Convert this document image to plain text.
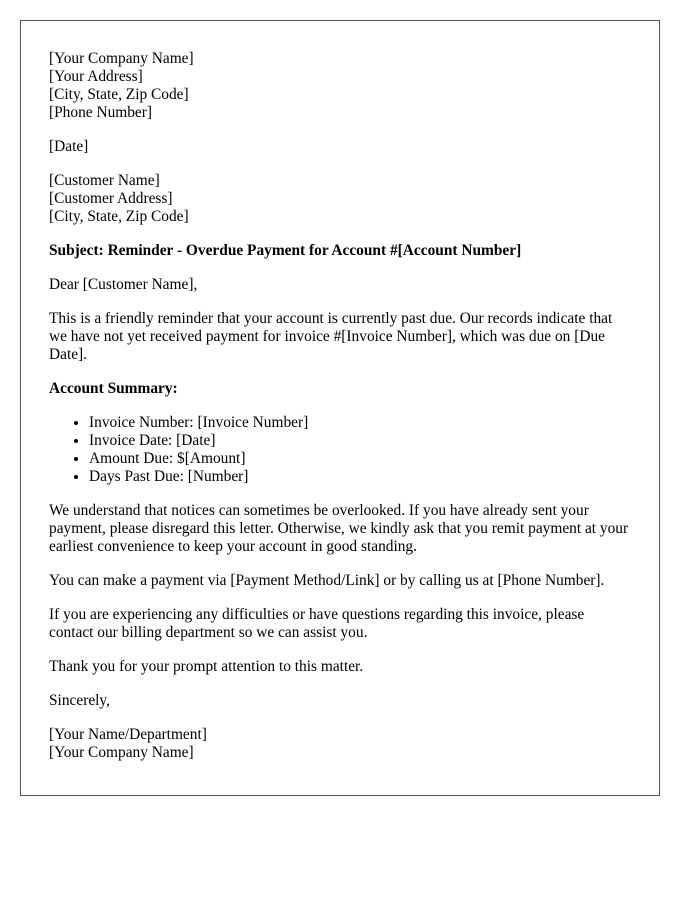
[Your Company Name]
[Your Address]
[City, State, Zip Code]
[Phone Number]
[Date]
[Customer Name]
[Customer Address]
[City, State, Zip Code]
Subject: Reminder - Overdue Payment for Account #[Account Number]
Dear [Customer Name],
This is a friendly reminder that your account is currently past due. Our records indicate that we have not yet received payment for invoice #[Invoice Number], which was due on [Due Date].
Account Summary:
• Invoice Number: [Invoice Number]
• Invoice Date: [Date]
• Amount Due: $[Amount]
• Days Past Due: [Number]
We understand that notices can sometimes be overlooked. If you have already sent your payment, please disregard this letter. Otherwise, we kindly ask that you remit payment at your earliest convenience to keep your account in good standing.
You can make a payment via [Payment Method/Link] or by calling us at [Phone Number].
If you are experiencing any difficulties or have questions regarding this invoice, please contact our billing department so we can assist you.
Thank you for your prompt attention to this matter.
Sincerely,
[Your Name/Department]
[Your Company Name]
